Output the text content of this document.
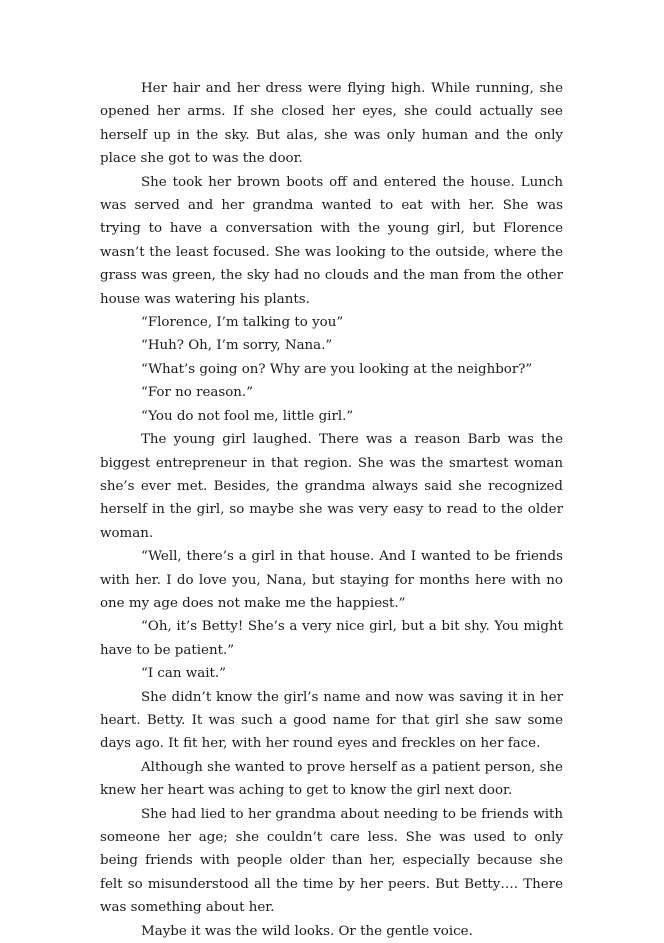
Her hair and her dress were flying high. While running, she opened her arms. If she closed her eyes, she could actually see herself up in the sky. But alas, she was only human and the only place she got to was the door.

She took her brown boots off and entered the house. Lunch was served and her grandma wanted to eat with her. She was trying to have a conversation with the young girl, but Florence wasn’t the least focused. She was looking to the outside, where the grass was green, the sky had no clouds and the man from the other house was watering his plants.

“Florence, I’m talking to you”

“Huh? Oh, I’m sorry, Nana.”

“What’s going on? Why are you looking at the neighbor?”

“For no reason.”

“You do not fool me, little girl.”

The young girl laughed. There was a reason Barb was the biggest entrepreneur in that region. She was the smartest woman she’s ever met. Besides, the grandma always said she recognized herself in the girl, so maybe she was very easy to read to the older woman.

“Well, there’s a girl in that house. And I wanted to be friends with her. I do love you, Nana, but staying for months here with no one my age does not make me the happiest.”

“Oh, it’s Betty! She’s a very nice girl, but a bit shy. You might have to be patient.”

“I can wait.”

She didn’t know the girl’s name and now was saving it in her heart. Betty. It was such a good name for that girl she saw some days ago. It fit her, with her round eyes and freckles on her face.

Although she wanted to prove herself as a patient person, she knew her heart was aching to get to know the girl next door.

She had lied to her grandma about needing to be friends with someone her age; she couldn’t care less. She was used to only being friends with people older than her, especially because she felt so misunderstood all the time by her peers. But Betty…. There was something about her.

Maybe it was the wild looks. Or the gentle voice.
